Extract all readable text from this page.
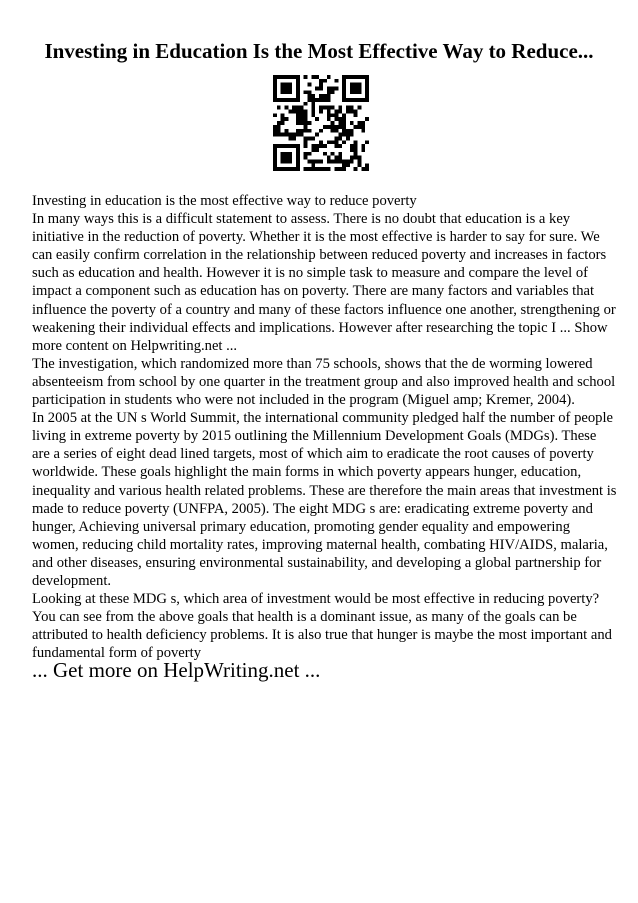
Investing in Education Is the Most Effective Way to Reduce...

Investing in education is the most effective way to reduce poverty

In many ways this is a difficult statement to assess. There is no doubt that education is a key initiative in the reduction of poverty. Whether it is the most effective is harder to say for sure. We can easily confirm correlation in the relationship between reduced poverty and increases in factors such as education and health. However it is no simple task to measure and compare the level of impact a component such as education has on poverty. There are many factors and variables that influence the poverty of a country and many of these factors influence one another, strengthening or weakening their individual effects and implications. However after researching the topic I ... Show more content on Helpwriting.net ...

The investigation, which randomized more than 75 schools, shows that the de worming lowered absenteeism from school by one quarter in the treatment group and also improved health and school participation in students who were not included in the program (Miguel amp; Kremer, 2004).

In 2005 at the UN s World Summit, the international community pledged half the number of people living in extreme poverty by 2015 outlining the Millennium Development Goals (MDGs). These are a series of eight dead lined targets, most of which aim to eradicate the root causes of poverty worldwide. These goals highlight the main forms in which poverty appears hunger, education, inequality and various health related problems. These are therefore the main areas that investment is made to reduce poverty (UNFPA, 2005). The eight MDG s are: eradicating extreme poverty and hunger, Achieving universal primary education, promoting gender equality and empowering women, reducing child mortality rates, improving maternal health, combating HIV/AIDS, malaria, and other diseases, ensuring environmental sustainability, and developing a global partnership for development.

Looking at these MDG s, which area of investment would be most effective in reducing poverty? You can see from the above goals that health is a dominant issue, as many of the goals can be attributed to health deficiency problems. It is also true that hunger is maybe the most important and fundamental form of poverty

... Get more on HelpWriting.net ...
